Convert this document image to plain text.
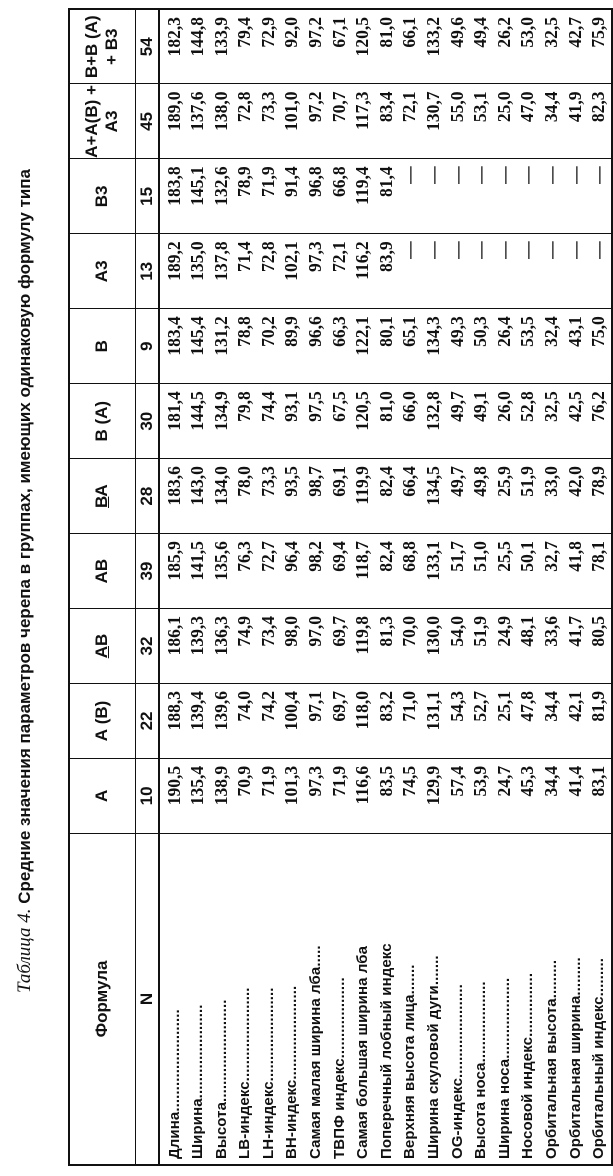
Таблица 4. Средние значения параметров черепа в группах, имеющих одинаковую формулу типа
Формула	А	А (В)	АВ	АВ	ВА	В (А)	В	А3	В3	А+А(В) + А3	В+В (А) + В3
N	10	22	32	39	28	30	9	13	15	45	54
Длина........................	190,5	188,3	186,1	185,9	183,6	181,4	183,4	189,2	183,8	189,0	182,3
Ширина......................	135,4	139,4	139,3	141,5	143,0	144,5	145,4	135,0	145,1	137,6	144,8
Высота........................	138,9	139,6	136,3	135,6	134,0	134,9	131,2	137,8	132,6	138,0	133,9
LB-индекс......................	70,9	74,0	74,9	76,3	78,0	79,8	78,8	71,4	78,9	72,8	79,4
LH-индекс......................	71,9	74,2	73,4	72,7	73,3	74,4	70,2	72,8	71,9	73,3	72,9
BH-индекс......................	101,3	100,4	98,0	96,4	93,5	93,1	89,9	102,1	91,4	101,0	92,0
Самая малая ширина лба.....	97,3	97,1	97,0	98,2	98,7	97,5	96,6	97,3	96,8	97,2	97,2
ТВПФ индекс...................	71,9	69,7	69,7	69,4	69,1	67,5	66,3	72,1	66,8	70,7	67,1
Самая большая ширина лба	116,6	118,0	119,8	118,7	119,9	120,5	122,1	116,2	119,4	117,3	120,5
Поперечный лобный индекс	83,5	83,2	81,3	82,4	82,4	81,0	80,1	83,9	81,4	83,4	81,0
Верхняя высота лица.......	74,5	71,0	70,0	68,8	66,4	66,0	65,1	—	—	72,1	66,1
Ширина скуловой дуги.......	129,9	131,1	130,0	133,1	134,5	132,8	134,3	—	—	130,7	133,2
OG-индекс......................	57,4	54,3	54,0	51,7	49,7	49,7	49,3	—	—	55,0	49,6
Высота носа...................	53,9	52,7	51,9	51,0	49,8	49,1	50,3	—	—	53,1	49,4
Ширина носа...................	24,7	25,1	24,9	25,5	25,9	26,0	26,4	—	—	25,0	26,2
Носовой индекс...............	45,3	47,8	48,1	50,1	51,9	52,8	53,5	—	—	47,0	53,0
Орбитальная высота.........	34,4	34,4	33,6	32,7	33,0	32,5	32,4	—	—	34,4	32,5
Орбитальная ширина.........	41,4	42,1	41,7	41,8	42,0	42,5	43,1	—	—	41,9	42,7
Орбитальный индекс.........	83,1	81,9	80,5	78,1	78,9	76,2	75,0	—	—	82,3	75,9
